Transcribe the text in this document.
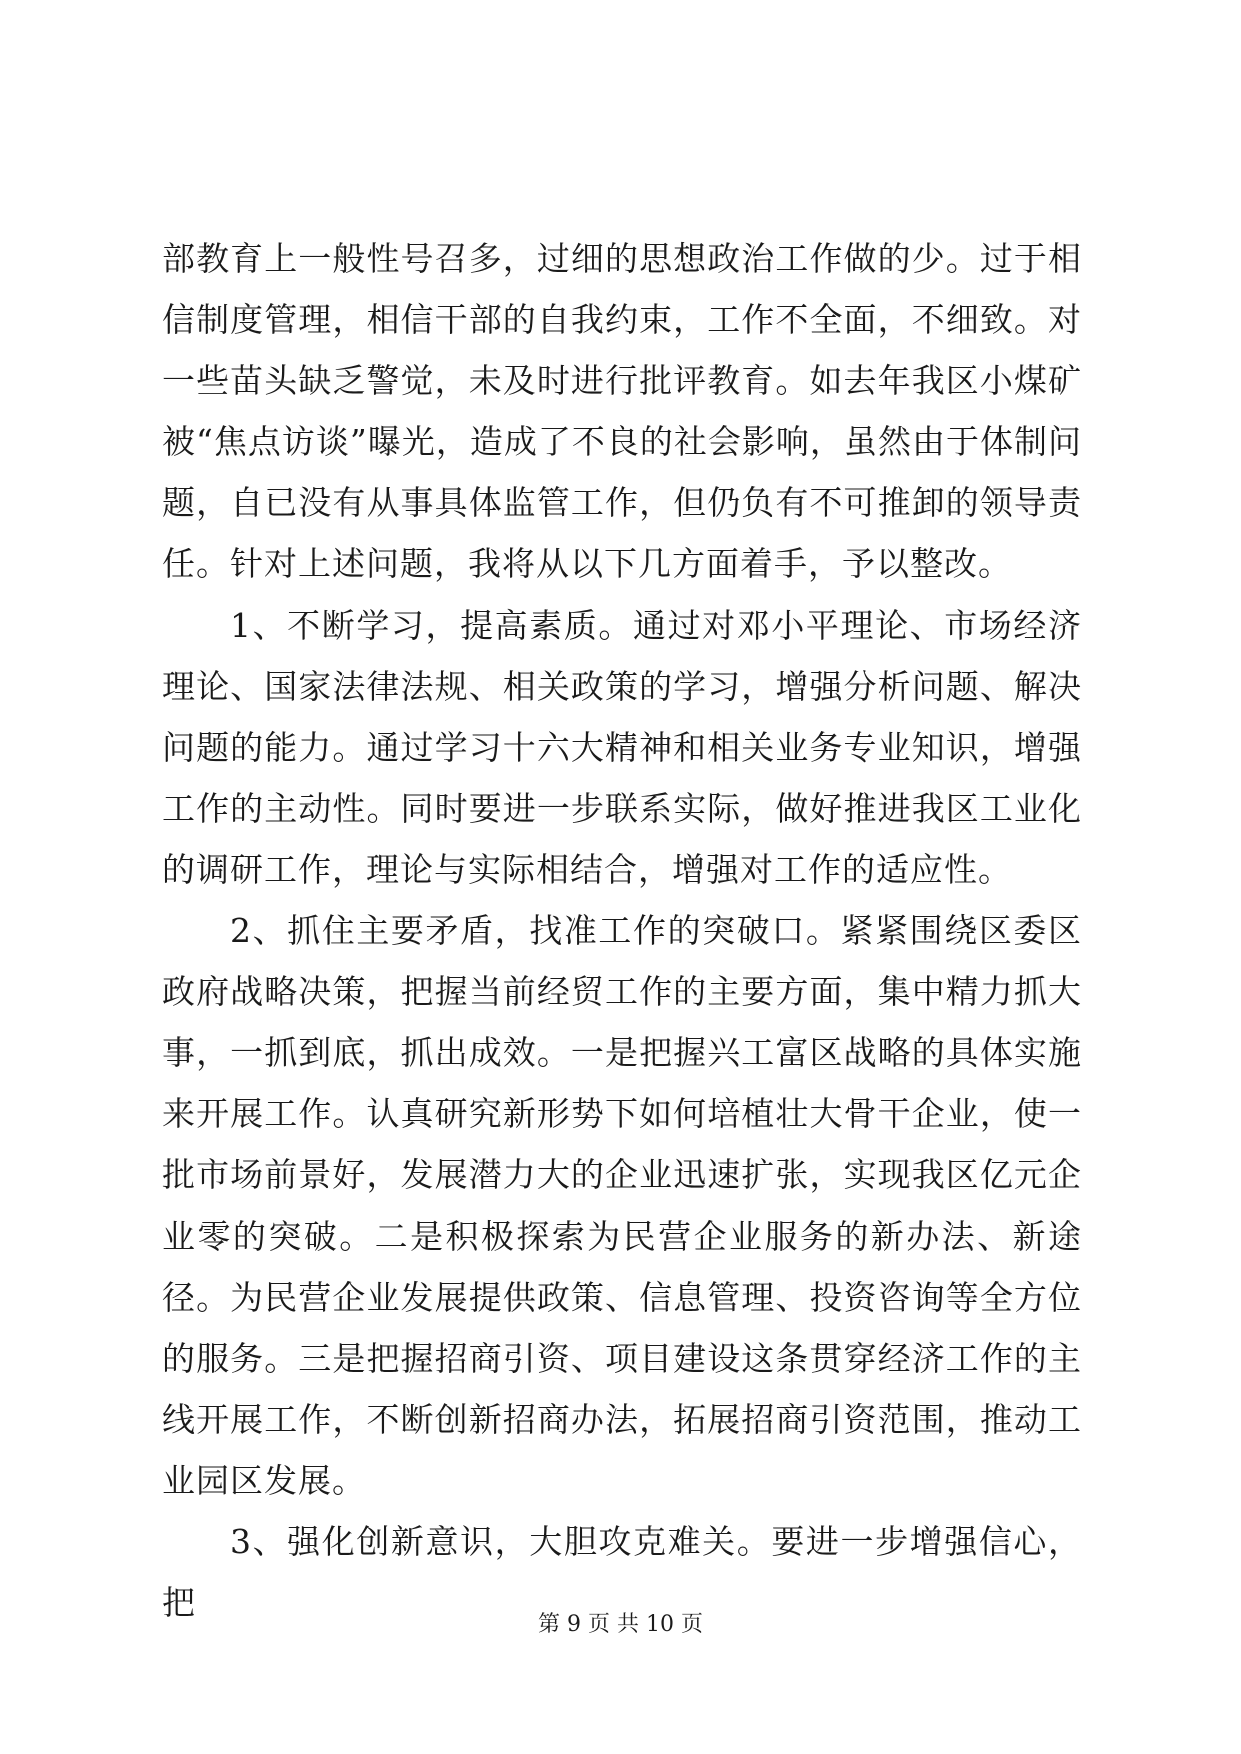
部教育上一般性号召多，过细的思想政治工作做的少。过于相信制度管理，相信干部的自我约束，工作不全面，不细致。对一些苗头缺乏警觉，未及时进行批评教育。如去年我区小煤矿被“焦点访谈”曝光，造成了不良的社会影响，虽然由于体制问题，自已没有从事具体监管工作，但仍负有不可推卸的领导责任。针对上述问题，我将从以下几方面着手，予以整改。

1、不断学习，提高素质。通过对邓小平理论、市场经济理论、国家法律法规、相关政策的学习，增强分析问题、解决问题的能力。通过学习十六大精神和相关业务专业知识，增强工作的主动性。同时要进一步联系实际，做好推进我区工业化的调研工作，理论与实际相结合，增强对工作的适应性。

2、抓住主要矛盾，找准工作的突破口。紧紧围绕区委区政府战略决策，把握当前经贸工作的主要方面，集中精力抓大事，一抓到底，抓出成效。一是把握兴工富区战略的具体实施来开展工作。认真研究新形势下如何培植壮大骨干企业，使一批市场前景好，发展潜力大的企业迅速扩张，实现我区亿元企业零的突破。二是积极探索为民营企业服务的新办法、新途径。为民营企业发展提供政策、信息管理、投资咨询等全方位的服务。三是把握招商引资、项目建设这条贯穿经济工作的主线开展工作，不断创新招商办法，拓展招商引资范围，推动工业园区发展。

3、强化创新意识，大胆攻克难关。要进一步增强信心，把

第 9 页 共 10 页
